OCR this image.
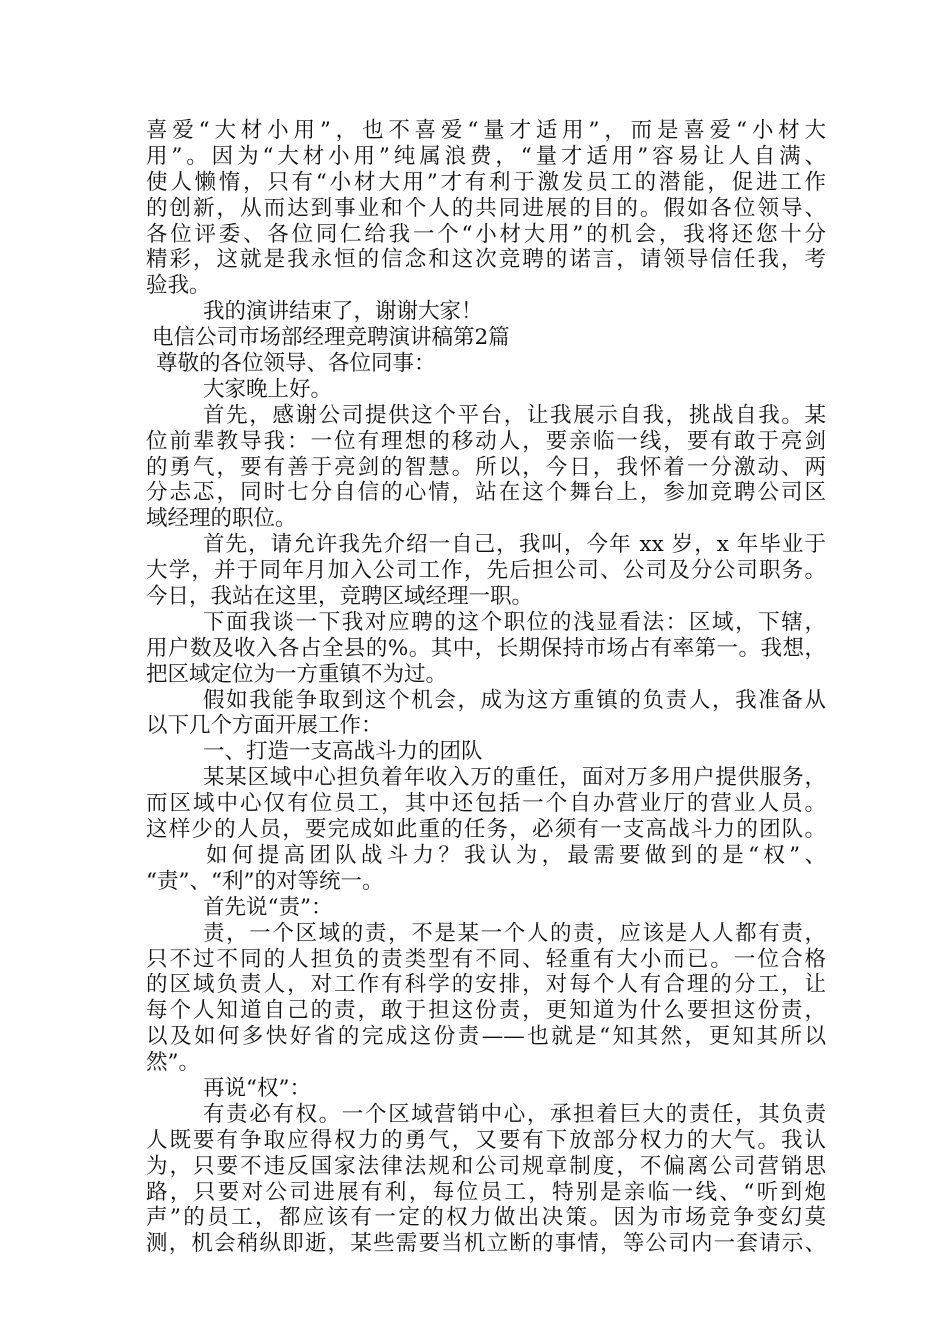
喜爱“大材小用”，也不喜爱“量才适用”，而是喜爱“小材大
用”。因为“大材小用”纯属浪费，“量才适用”容易让人自满、
使人懒惰，只有“小材大用”才有利于激发员工的潜能，促进工作
的创新，从而达到事业和个人的共同进展的目的。假如各位领导、
各位评委、各位同仁给我一个“小材大用”的机会，我将还您十分
精彩，这就是我永恒的信念和这次竞聘的诺言，请领导信任我，考
验我。
我的演讲结束了，谢谢大家！
电信公司市场部经理竞聘演讲稿第2篇
尊敬的各位领导、各位同事：
大家晚上好。
首先，感谢公司提供这个平台，让我展示自我，挑战自我。某
位前辈教导我：一位有理想的移动人，要亲临一线，要有敢于亮剑
的勇气，要有善于亮剑的智慧。所以，今日，我怀着一分激动、两
分忐忑，同时七分自信的心情，站在这个舞台上，参加竞聘公司区
域经理的职位。
首先，请允许我先介绍一自己，我叫，今年 xx 岁，x 年毕业于
大学，并于同年月加入公司工作，先后担公司、公司及分公司职务。
今日，我站在这里，竞聘区域经理一职。
下面我谈一下我对应聘的这个职位的浅显看法：区域，下辖，
用户数及收入各占全县的%。其中，长期保持市场占有率第一。我想，
把区域定位为一方重镇不为过。
假如我能争取到这个机会，成为这方重镇的负责人，我准备从
以下几个方面开展工作：
一、打造一支高战斗力的团队
某某区域中心担负着年收入万的重任，面对万多用户提供服务，
而区域中心仅有位员工，其中还包括一个自办营业厅的营业人员。
这样少的人员，要完成如此重的任务，必须有一支高战斗力的团队。
如何提高团队战斗力？我认为，最需要做到的是“权”、
“责”、“利”的对等统一。
首先说“责”：
责，一个区域的责，不是某一个人的责，应该是人人都有责，
只不过不同的人担负的责类型有不同、轻重有大小而已。一位合格
的区域负责人，对工作有科学的安排，对每个人有合理的分工，让
每个人知道自己的责，敢于担这份责，更知道为什么要担这份责，
以及如何多快好省的完成这份责——也就是“知其然，更知其所以
然”。
再说“权”：
有责必有权。一个区域营销中心，承担着巨大的责任，其负责
人既要有争取应得权力的勇气，又要有下放部分权力的大气。我认
为，只要不违反国家法律法规和公司规章制度，不偏离公司营销思
路，只要对公司进展有利，每位员工，特别是亲临一线、“听到炮
声”的员工，都应该有一定的权力做出决策。因为市场竞争变幻莫
测，机会稍纵即逝，某些需要当机立断的事情，等公司内一套请示、
